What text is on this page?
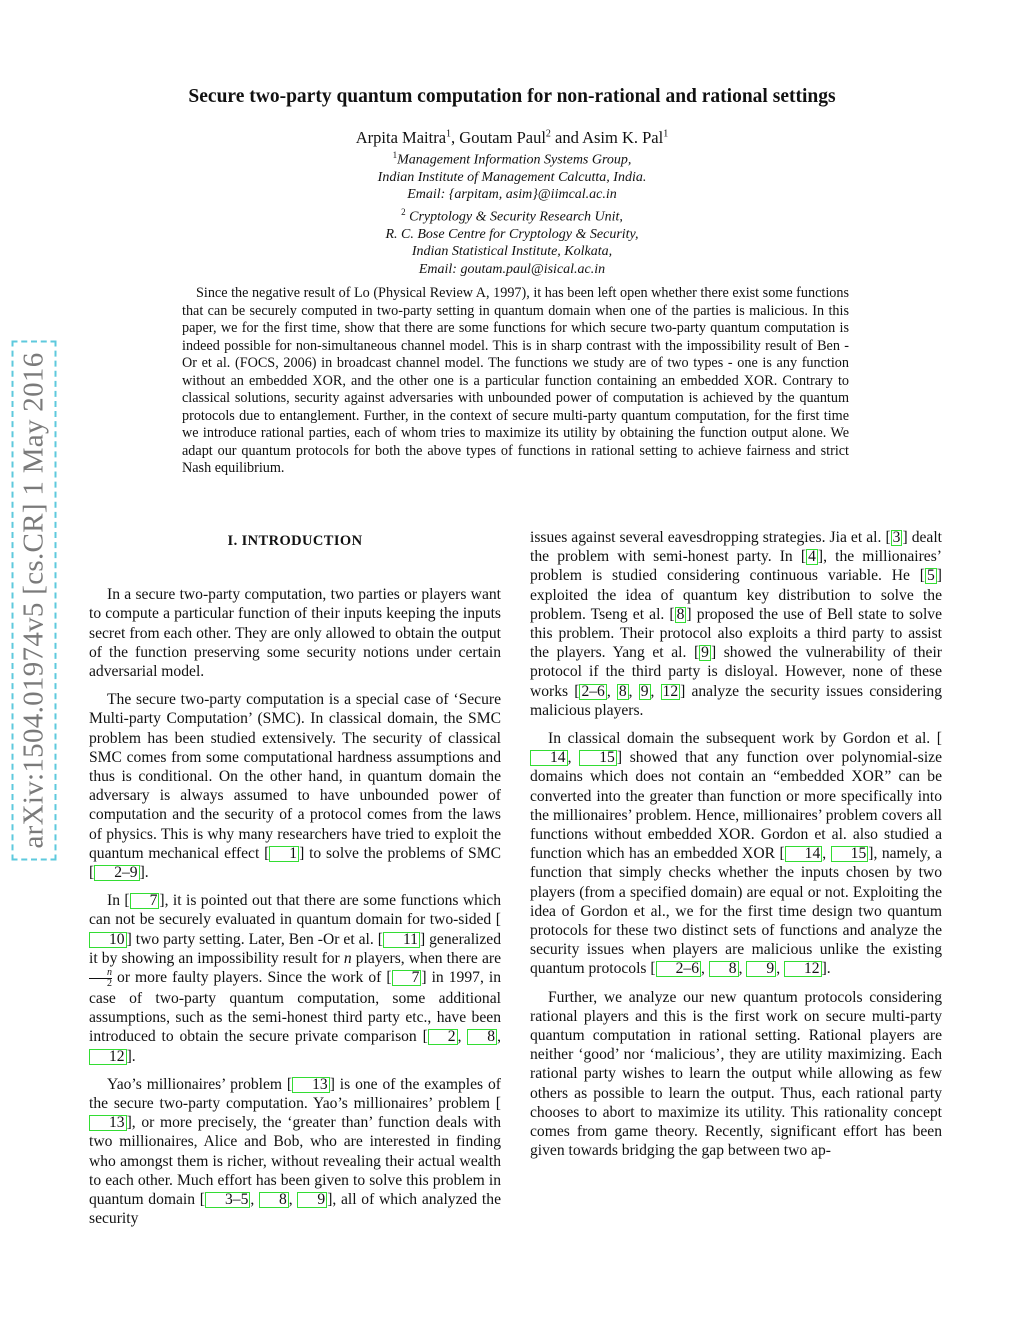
arXiv:1504.01974v5 [cs.CR] 1 May 2016
Secure two-party quantum computation for non-rational and rational settings
Arpita Maitra$^1$, Goutam Paul$^2$ and Asim K. Pal$^1$
$^1$Management Information Systems Group,
Indian Institute of Management Calcutta, India.
Email: {arpitam, asim}@iimcal.ac.in
$^2$ Cryptology & Security Research Unit,
R. C. Bose Centre for Cryptology & Security,
Indian Statistical Institute, Kolkata,
Email: goutam.paul@isical.ac.in

Since the negative result of Lo (Physical Review A, 1997), it has been left open whether there exist some functions that can be securely computed in two-party setting in quantum domain when one of the parties is malicious. In this paper, we for the first time, show that there are some functions for which secure two-party quantum computation is indeed possible for non-simultaneous channel model. This is in sharp contrast with the impossibility result of Ben -Or et al. (FOCS, 2006) in broadcast channel model. The functions we study are of two types - one is any function without an embedded XOR, and the other one is a particular function containing an embedded XOR. Contrary to classical solutions, security against adversaries with unbounded power of computation is achieved by the quantum protocols due to entanglement. Further, in the context of secure multi-party quantum computation, for the first time we introduce rational parties, each of whom tries to maximize its utility by obtaining the function output alone. We adapt our quantum protocols for both the above types of functions in rational setting to achieve fairness and strict Nash equilibrium.

I. INTRODUCTION

In a secure two-party computation, two parties or players want to compute a particular function of their inputs keeping the inputs secret from each other. They are only allowed to obtain the output of the function preserving some security notions under certain adversarial model.

The secure two-party computation is a special case of ‘Secure Multi-party Computation’ (SMC). In classical domain, the SMC problem has been studied extensively. The security of classical SMC comes from some computational hardness assumptions and thus is conditional. On the other hand, in quantum domain the adversary is always assumed to have unbounded power of computation and the security of a protocol comes from the laws of physics. This is why many researchers have tried to exploit the quantum mechanical effect [ 1 ] to solve the problems of SMC [ 2–9 ].

In [ 7 ], it is pointed out that there are some functions which can not be securely evaluated in quantum domain for two-sided [10 ] two party setting. Later, Ben -Or et al. [ 11 ] generalized it by showing an impossibility result for n players, when there are
$\frac{n}{2}$ or more faulty players. Since the work of [ 7 ] in 1997, in case of two-party quantum computation, some additional assumptions, such as the semi-honest third party etc., have been introduced to obtain the secure private comparison [ 2 , 8 , 12 ].

Yao’s millionaires’ problem [ 13 ] is one of the examples of the secure two-party computation. Yao’s millionaires’ problem [13 ], or more precisely, the ‘greater than’ function deals with two millionaires, Alice and Bob, who are interested in finding who amongst them is richer, without revealing their actual wealth to each other. Much effort has been given to solve this problem in quantum domain [ 3–5 , 8 , 9 ], all of which analyzed the security

issues against several eavesdropping strategies. Jia et al. [ 3 ] dealt the problem with semi-honest party. In [ 4 ], the millionaires’ problem is studied considering continuous variable. He [ 5 ] exploited the idea of quantum key distribution to solve the problem. Tseng et al. [ 8 ] proposed the use of Bell state to solve this problem. Their protocol also exploits a third party to assist the players. Yang et al. [ 9 ] showed the vulnerability of their protocol if the third party is disloyal. However, none of these works [ 2–6 , 8 , 9 , 12 ] analyze the security issues considering malicious players.

In classical domain the subsequent work by Gordon et al. [14 , 15 ] showed that any function over polynomial-size domains which does not contain an “embedded XOR” can be converted into the greater than function or more specifically into the millionaires’ problem. Hence, millionaires’ problem covers all functions without embedded XOR. Gordon et al. also studied a function which has an embedded XOR [ 14 , 15 ], namely, a function that simply checks whether the inputs chosen by two players (from a specified domain) are equal or not. Exploiting the idea of Gordon et al., we for the first time design two quantum protocols for these two distinct sets of functions and analyze the security issues when players are malicious unlike the existing quantum protocols [ 2–6 , 8 , 9 , 12 ].

Further, we analyze our new quantum protocols considering rational players and this is the first work on secure multi-party quantum computation in rational setting. Rational players are neither ‘good’ nor ‘malicious’, they are utility maximizing. Each rational party wishes to learn the output while allowing as few others as possible to learn the output. Thus, each rational party chooses to abort to maximize its utility. This rationality concept comes from game theory. Recently, significant effort has been given towards bridging the gap between two ap-
